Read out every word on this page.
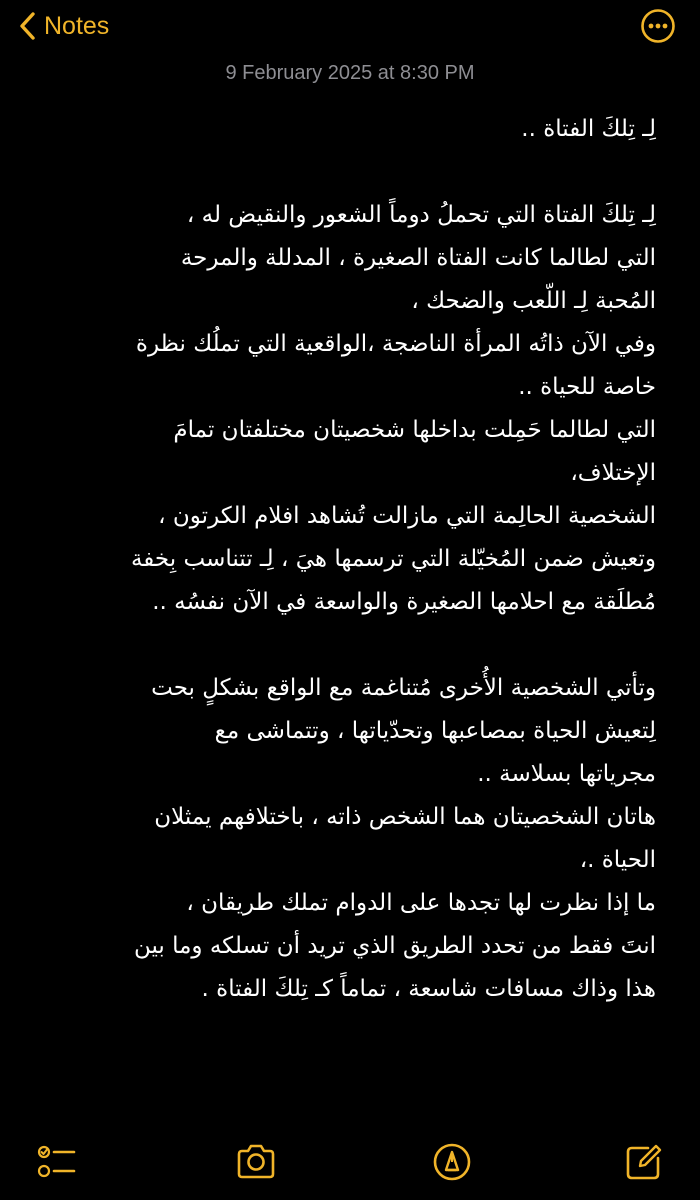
Notes
9 February 2025 at 8:30 PM
لِـ تِلكَ الفتاة ..
لِـ تِلكَ الفتاة التي تحملُ دوماً الشعور والنقيض له ،
التي لطالما كانت الفتاة الصغيرة ، المدللة والمرحة
المُحبة لِـ اللّعب والضحك ،
وفي الآن ذاتُه المرأة الناضجة ،الواقعية التي تملُك نظرة
خاصة للحياة ..
التي لطالما حَمِلت بداخلها شخصيتان مختلفتان تمامَ
الإختلاف،
الشخصية الحالِمة التي مازالت تُشاهد افلام الكرتون ،
وتعيش ضمن المُخيّلة التي ترسمها هيَ ، لِـ تتناسب بِخفة
مُطلَقة مع احلامها الصغيرة والواسعة في الآن نفسُه ..
وتأتي الشخصية الأُخرى مُتناغمة مع الواقع بشكلٍ بحت
لِتعيش الحياة بمصاعبها وتحدّياتها ، وتتماشى مع
مجرياتها بسلاسة ..
هاتان الشخصيتان هما الشخص ذاته ، باختلافهم يمثلان
الحياة .،
ما إذا نظرت لها تجدها على الدوام تملك طريقان ،
انتَ فقط من تحدد الطريق الذي تريد أن تسلكه وما بين
هذا وذاك مسافات شاسعة ، تماماً كـ تِلكَ الفتاة .
